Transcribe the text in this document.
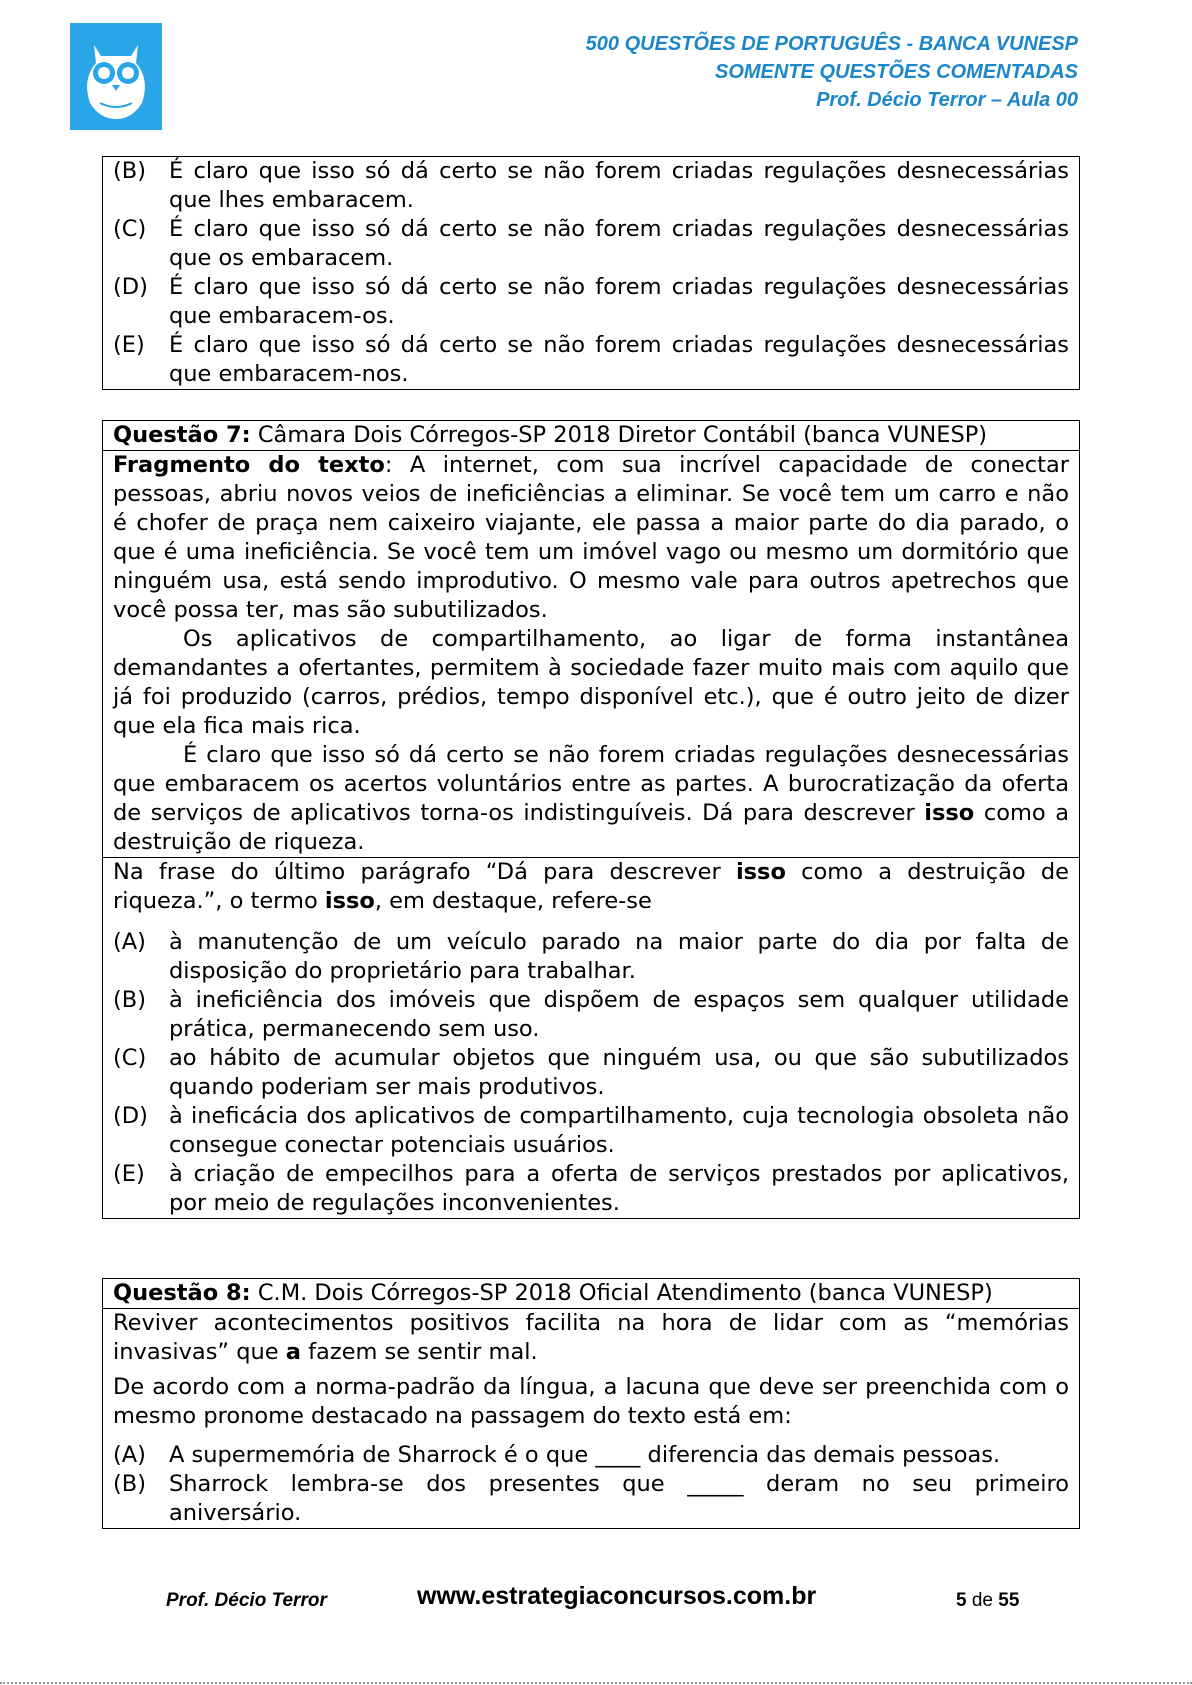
500 QUESTÕES DE PORTUGUÊS - BANCA VUNESP
SOMENTE QUESTÕES COMENTADAS
Prof. Décio Terror – Aula 00
(B)	É claro que isso só dá certo se não forem criadas regulações desnecessárias que lhes embaracem.
(C)	É claro que isso só dá certo se não forem criadas regulações desnecessárias que os embaracem.
(D) É claro que isso só dá certo se não forem criadas regulações desnecessárias que embaracem-os.
(E)	É claro que isso só dá certo se não forem criadas regulações desnecessárias que embaracem-nos.
Questão 7: Câmara Dois Córregos-SP 2018 Diretor Contábil (banca VUNESP)
Fragmento do texto: A internet, com sua incrível capacidade de conectar pessoas, abriu novos veios de ineficiências a eliminar. Se você tem um carro e não é chofer de praça nem caixeiro viajante, ele passa a maior parte do dia parado, o que é uma ineficiência. Se você tem um imóvel vago ou mesmo um dormitório que ninguém usa, está sendo improdutivo. O mesmo vale para outros apetrechos que você possa ter, mas são subutilizados.
Os aplicativos de compartilhamento, ao ligar de forma instantânea demandantes a ofertantes, permitem à sociedade fazer muito mais com aquilo que já foi produzido (carros, prédios, tempo disponível etc.), que é outro jeito de dizer que ela fica mais rica.
É claro que isso só dá certo se não forem criadas regulações desnecessárias que embaracem os acertos voluntários entre as partes. A burocratização da oferta de serviços de aplicativos torna-os indistinguíveis. Dá para descrever isso como a destruição de riqueza.
Na frase do último parágrafo “Dá para descrever isso como a destruição de riqueza.”, o termo isso, em destaque, refere-se
(A)	à manutenção de um veículo parado na maior parte do dia por falta de disposição do proprietário para trabalhar.
(B)	à ineficiência dos imóveis que dispõem de espaços sem qualquer utilidade prática, permanecendo sem uso.
(C)	ao hábito de acumular objetos que ninguém usa, ou que são subutilizados quando poderiam ser mais produtivos.
(D) à ineficácia dos aplicativos de compartilhamento, cuja tecnologia obsoleta não consegue conectar potenciais usuários.
(E)	à criação de empecilhos para a oferta de serviços prestados por aplicativos, por meio de regulações inconvenientes.
Questão 8: C.M. Dois Córregos-SP 2018 Oficial Atendimento (banca VUNESP)
Reviver acontecimentos positivos facilita na hora de lidar com as “memórias invasivas” que a fazem se sentir mal.
De acordo com a norma-padrão da língua, a lacuna que deve ser preenchida com o mesmo pronome destacado na passagem do texto está em:
(A)	A supermemória de Sharrock é o que ____ diferencia das demais pessoas.
(B)	Sharrock lembra-se dos presentes que _____ deram no seu primeiro aniversário.
Prof. Décio Terror	www.estrategiaconcursos.com.br	5 de 55
